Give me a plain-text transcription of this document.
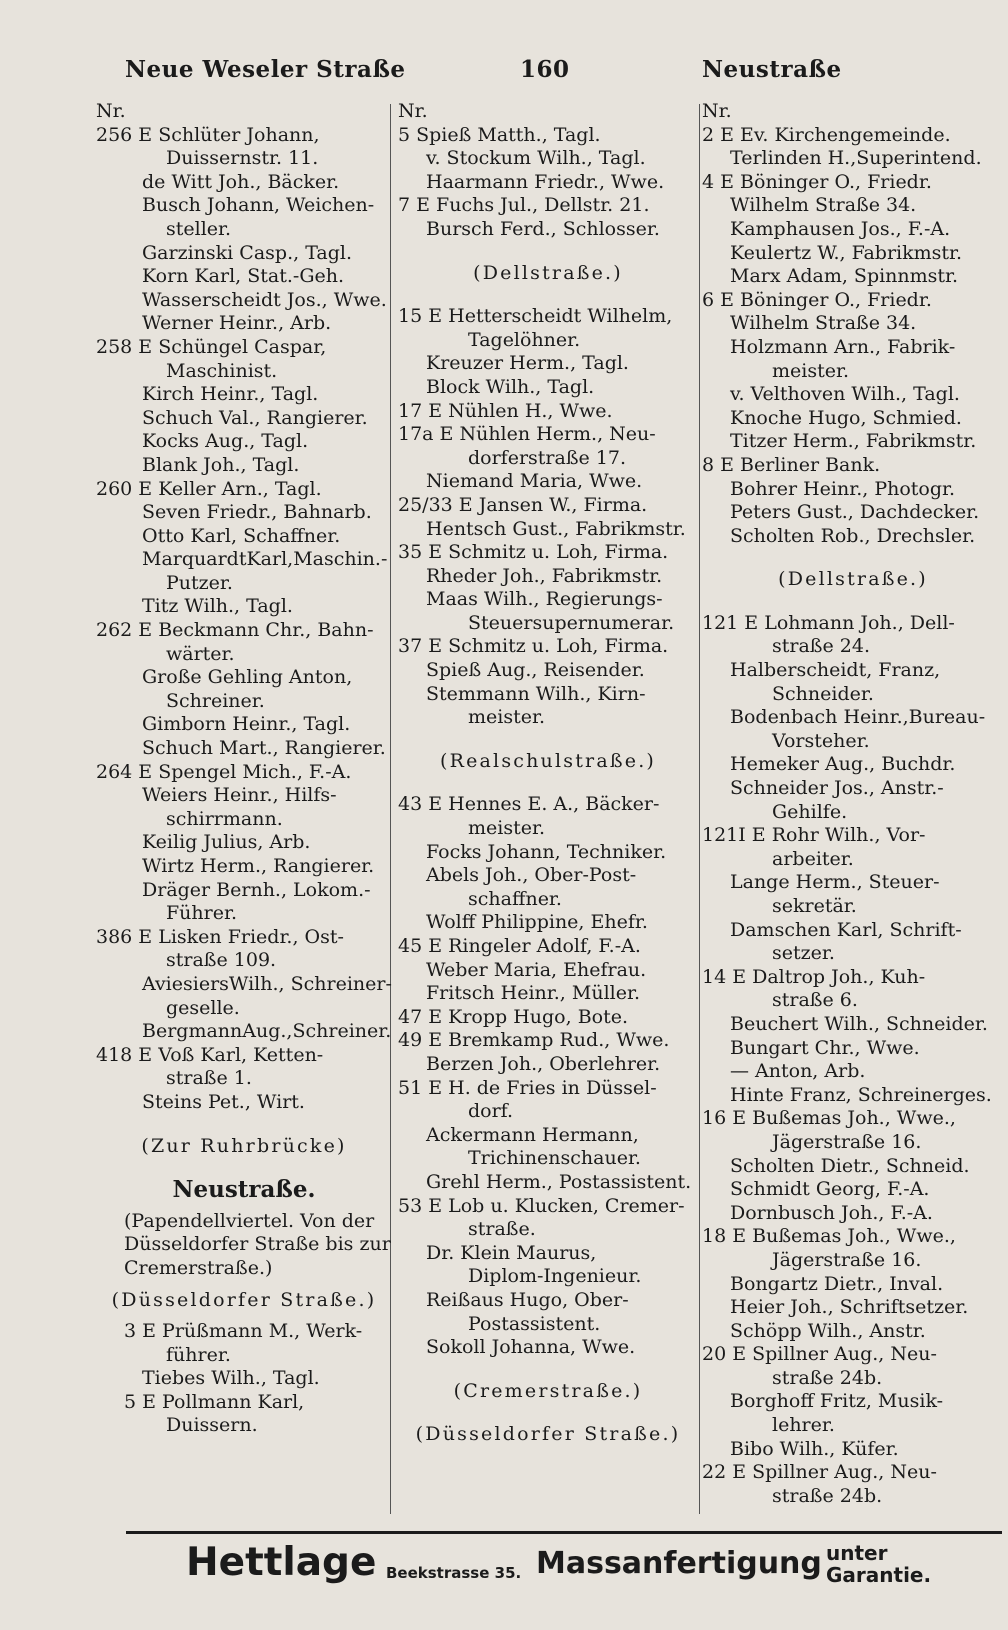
Neue Weseler Straße	160	Neustraße
Nr.
256 E Schlüter Johann,
Duissernstr. 11.
de Witt Joh., Bäcker.
Busch Johann, Weichen-
steller.
Garzinski Casp., Tagl.
Korn Karl, Stat.-Geh.
Wasserscheidt Jos., Wwe.
Werner Heinr., Arb.
258 E Schüngel Caspar,
Maschinist.
Kirch Heinr., Tagl.
Schuch Val., Rangierer.
Kocks Aug., Tagl.
Blank Joh., Tagl.
260 E Keller Arn., Tagl.
Seven Friedr., Bahnarb.
Otto Karl, Schaffner.
MarquardtKarl,Maschin.-
Putzer.
Titz Wilh., Tagl.
262 E Beckmann Chr., Bahn-
wärter.
Große Gehling Anton,
Schreiner.
Gimborn Heinr., Tagl.
Schuch Mart., Rangierer.
264 E Spengel Mich., F.-A.
Weiers Heinr., Hilfs-
schirrmann.
Keilig Julius, Arb.
Wirtz Herm., Rangierer.
Dräger Bernh., Lokom.-
Führer.
386 E Lisken Friedr., Ost-
straße 109.
AviesiersWilh., Schreiner-
geselle.
BergmannAug.,Schreiner.
418 E Voß Karl, Ketten-
straße 1.
Steins Pet., Wirt.
(Zur Ruhrbrücke)
Neustraße.
(Papendellviertel. Von der
Düsseldorfer Straße bis zur
Cremerstraße.)
(Düsseldorfer Straße.)
3 E Prüßmann M., Werk-
führer.
Tiebes Wilh., Tagl.
5 E Pollmann Karl,
Duissern.
Nr.
5 Spieß Matth., Tagl.
v. Stockum Wilh., Tagl.
Haarmann Friedr., Wwe.
7 E Fuchs Jul., Dellstr. 21.
Bursch Ferd., Schlosser.
(Dellstraße.)
15 E Hetterscheidt Wilhelm,
Tagelöhner.
Kreuzer Herm., Tagl.
Block Wilh., Tagl.
17 E Nühlen H., Wwe.
17a E Nühlen Herm., Neu-
dorferstraße 17.
Niemand Maria, Wwe.
25/33 E Jansen W., Firma.
Hentsch Gust., Fabrikmstr.
35 E Schmitz u. Loh, Firma.
Rheder Joh., Fabrikmstr.
Maas Wilh., Regierungs-
Steuersupernumerar.
37 E Schmitz u. Loh, Firma.
Spieß Aug., Reisender.
Stemmann Wilh., Kirn-
meister.
(Realschulstraße.)
43 E Hennes E. A., Bäcker-
meister.
Focks Johann, Techniker.
Abels Joh., Ober-Post-
schaffner.
Wolff Philippine, Ehefr.
45 E Ringeler Adolf, F.-A.
Weber Maria, Ehefrau.
Fritsch Heinr., Müller.
47 E Kropp Hugo, Bote.
49 E Bremkamp Rud., Wwe.
Berzen Joh., Oberlehrer.
51 E H. de Fries in Düssel-
dorf.
Ackermann Hermann,
Trichinenschauer.
Grehl Herm., Postassistent.
53 E Lob u. Klucken, Cremer-
straße.
Dr. Klein Maurus,
Diplom-Ingenieur.
Reißaus Hugo, Ober-
Postassistent.
Sokoll Johanna, Wwe.
(Cremerstraße.)
(Düsseldorfer Straße.)
Nr.
2 E Ev. Kirchengemeinde.
Terlinden H.,Superintend.
4 E Böninger O., Friedr.
Wilhelm Straße 34.
Kamphausen Jos., F.-A.
Keulertz W., Fabrikmstr.
Marx Adam, Spinnmstr.
6 E Böninger O., Friedr.
Wilhelm Straße 34.
Holzmann Arn., Fabrik-
meister.
v. Velthoven Wilh., Tagl.
Knoche Hugo, Schmied.
Titzer Herm., Fabrikmstr.
8 E Berliner Bank.
Bohrer Heinr., Photogr.
Peters Gust., Dachdecker.
Scholten Rob., Drechsler.
(Dellstraße.)
121 E Lohmann Joh., Dell-
straße 24.
Halberscheidt, Franz,
Schneider.
Bodenbach Heinr.,Bureau-
Vorsteher.
Hemeker Aug., Buchdr.
Schneider Jos., Anstr.-
Gehilfe.
121I E Rohr Wilh., Vor-
arbeiter.
Lange Herm., Steuer-
sekretär.
Damschen Karl, Schrift-
setzer.
14 E Daltrop Joh., Kuh-
straße 6.
Beuchert Wilh., Schneider.
Bungart Chr., Wwe.
— Anton, Arb.
Hinte Franz, Schreinerges.
16 E Bußemas Joh., Wwe.,
Jägerstraße 16.
Scholten Dietr., Schneid.
Schmidt Georg, F.-A.
Dornbusch Joh., F.-A.
18 E Bußemas Joh., Wwe.,
Jägerstraße 16.
Bongartz Dietr., Inval.
Heier Joh., Schriftsetzer.
Schöpp Wilh., Anstr.
20 E Spillner Aug., Neu-
straße 24b.
Borghoff Fritz, Musik-
lehrer.
Bibo Wilh., Küfer.
22 E Spillner Aug., Neu-
straße 24b.
Hettlage Beekstrasse 35. Massanfertigung unter
Garantie.
